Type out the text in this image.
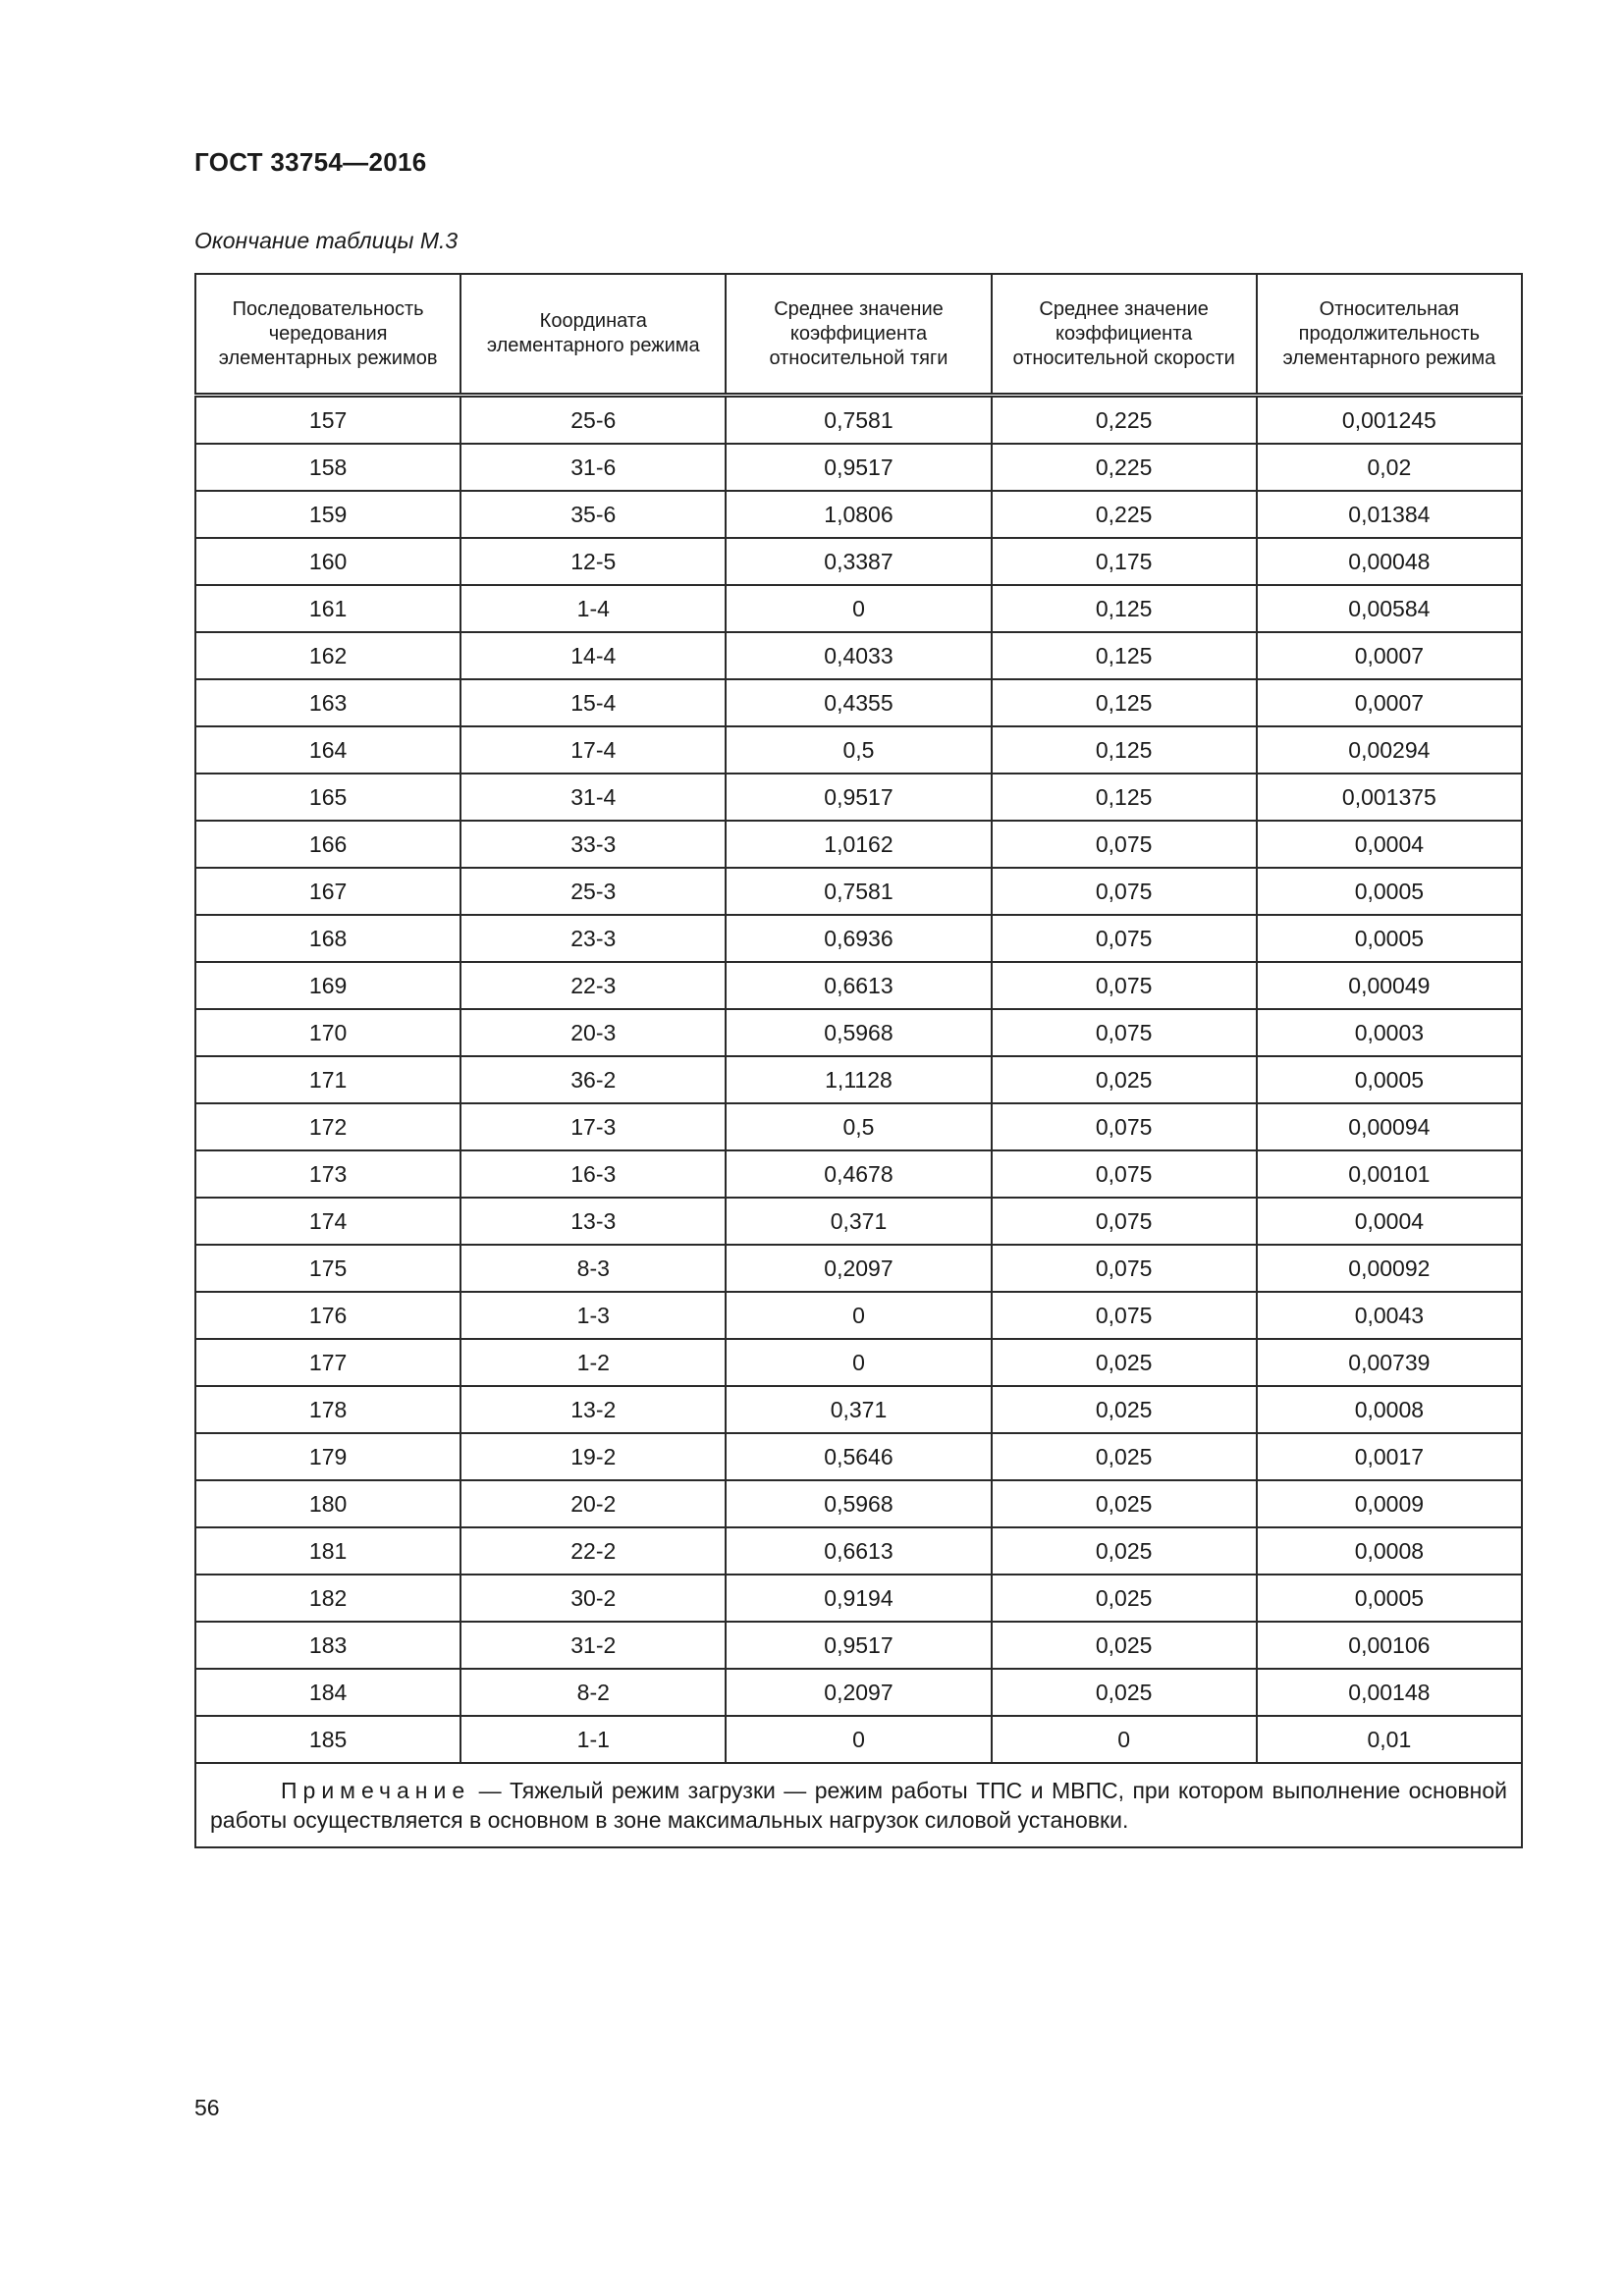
ГОСТ 33754—2016

Окончание таблицы М.3

Последовательность чередования элементарных режимов	Координата элементарного режима	Среднее значение коэффициента относительной тяги	Среднее значение коэффициента относительной скорости	Относительная продолжительность элементарного режима
157	25-6	0,7581	0,225	0,001245
158	31-6	0,9517	0,225	0,02
159	35-6	1,0806	0,225	0,01384
160	12-5	0,3387	0,175	0,00048
161	1-4	0	0,125	0,00584
162	14-4	0,4033	0,125	0,0007
163	15-4	0,4355	0,125	0,0007
164	17-4	0,5	0,125	0,00294
165	31-4	0,9517	0,125	0,001375
166	33-3	1,0162	0,075	0,0004
167	25-3	0,7581	0,075	0,0005
168	23-3	0,6936	0,075	0,0005
169	22-3	0,6613	0,075	0,00049
170	20-3	0,5968	0,075	0,0003
171	36-2	1,1128	0,025	0,0005
172	17-3	0,5	0,075	0,00094
173	16-3	0,4678	0,075	0,00101
174	13-3	0,371	0,075	0,0004
175	8-3	0,2097	0,075	0,00092
176	1-3	0	0,075	0,0043
177	1-2	0	0,025	0,00739
178	13-2	0,371	0,025	0,0008
179	19-2	0,5646	0,025	0,0017
180	20-2	0,5968	0,025	0,0009
181	22-2	0,6613	0,025	0,0008
182	30-2	0,9194	0,025	0,0005
183	31-2	0,9517	0,025	0,00106
184	8-2	0,2097	0,025	0,00148
185	1-1	0	0	0,01
Примечание — Тяжелый режим загрузки — режим работы ТПС и МВПС, при котором выполнение основной работы осуществляется в основном в зоне максимальных нагрузок силовой установки.				

56
